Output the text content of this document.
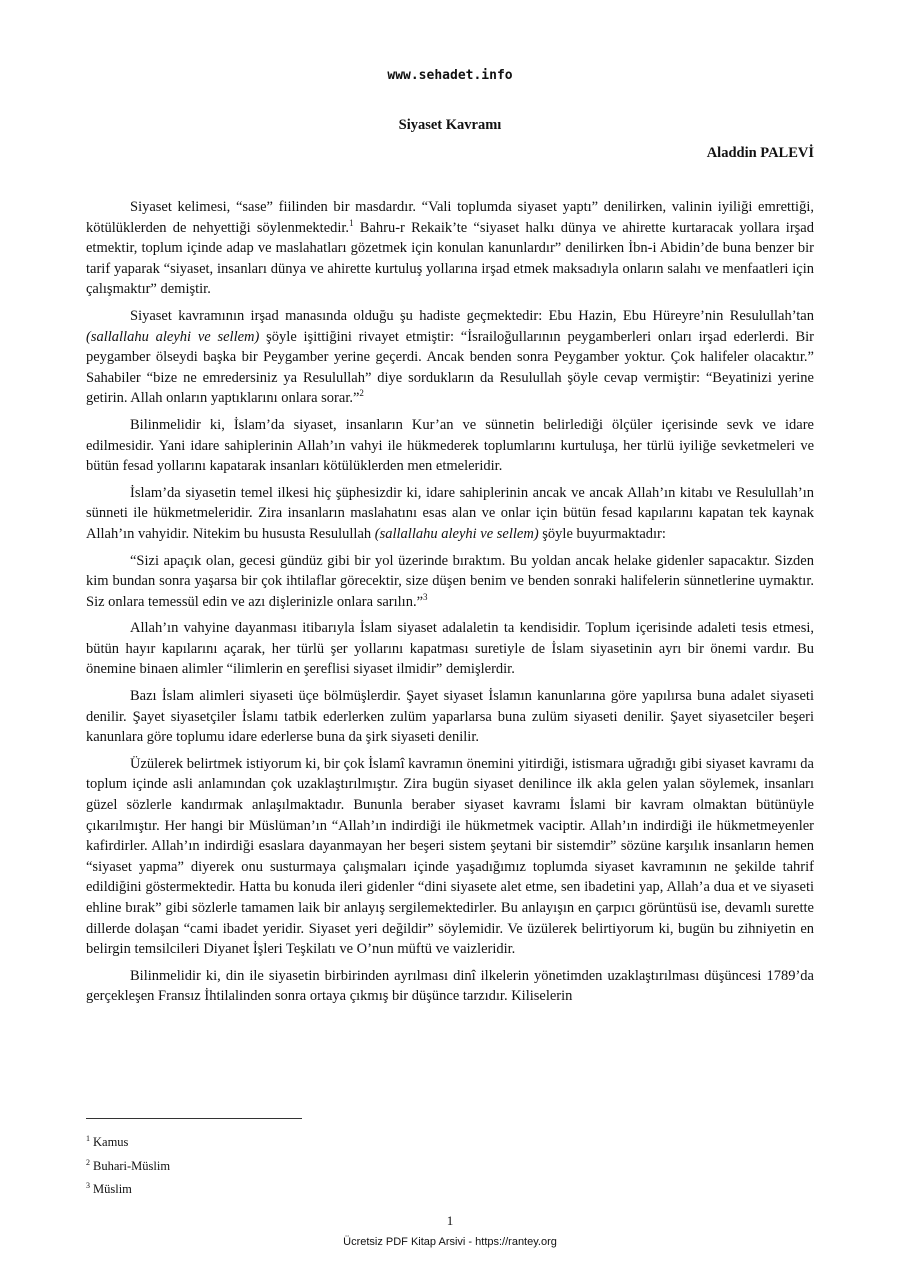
www.sehadet.info
Siyaset Kavramı
Aladdin PALEVİ

Siyaset kelimesi, “sase” fiilinden bir masdardır. “Vali toplumda siyaset yaptı” denilirken, valinin iyiliği emrettiği, kötülüklerden de nehyettiği söylenmektedir.$^1$ Bahru-r Rekaik’te “siyaset halkı dünya ve ahirette kurtaracak yollara irşad etmektir, toplum içinde adap ve maslahatları gözetmek için konulan kanunlardır” denilirken İbn-i Abidin’de buna benzer bir tarif yaparak “siyaset, insanları dünya ve ahirette kurtuluş yollarına irşad etmek maksadıyla onların salahı ve menfaatleri için çalışmaktır” demiştir.

Siyaset kavramının irşad manasında olduğu şu hadiste geçmektedir: Ebu Hazin, Ebu Hüreyre’nin Resulullah’tan (sallallahu aleyhi ve sellem) şöyle işittiğini rivayet etmiştir: “İsrailoğullarının peygamberleri onları irşad ederlerdi. Bir peygamber ölseydi başka bir Peygamber yerine geçerdi. Ancak benden sonra Peygamber yoktur. Çok halifeler olacaktır.” Sahabiler “bize ne emredersiniz ya Resulullah” diye sordukların da Resulullah şöyle cevap vermiştir: “Beyatinizi yerine getirin. Allah onların yaptıklarını onlara sorar.”$^2$

Bilinmelidir ki, İslam’da siyaset, insanların Kur’an ve sünnetin belirlediği ölçüler içerisinde sevk ve idare edilmesidir. Yani idare sahiplerinin Allah’ın vahyi ile hükmederek toplumlarını kurtuluşa, her türlü iyiliğe sevketmeleri ve bütün fesad yollarını kapatarak insanları kötülüklerden men etmeleridir.

İslam’da siyasetin temel ilkesi hiç şüphesizdir ki, idare sahiplerinin ancak ve ancak Allah’ın kitabı ve Resulullah’ın sünneti ile hükmetmeleridir. Zira insanların maslahatını esas alan ve onlar için bütün fesad kapılarını kapatan tek kaynak Allah’ın vahyidir. Nitekim bu hususta Resulullah (sallallahu aleyhi ve sellem) şöyle buyurmaktadır:

“Sizi apaçık olan, gecesi gündüz gibi bir yol üzerinde bıraktım. Bu yoldan ancak helake gidenler sapacaktır. Sizden kim bundan sonra yaşarsa bir çok ihtilaflar görecektir, size düşen benim ve benden sonraki halifelerin sünnetlerine uymaktır. Siz onlara temessül edin ve azı dişlerinizle onlara sarılın.”$^3$

Allah’ın vahyine dayanması itibarıyla İslam siyaset adalaletin ta kendisidir. Toplum içerisinde adaleti tesis etmesi, bütün hayır kapılarını açarak, her türlü şer yollarını kapatması suretiyle de İslam siyasetinin ayrı bir önemi vardır. Bu önemine binaen alimler “ilimlerin en şereflisi siyaset ilmidir” demişlerdir.

Bazı İslam alimleri siyaseti üçe bölmüşlerdir. Şayet siyaset İslamın kanunlarına göre yapılırsa buna adalet siyaseti denilir. Şayet siyasetçiler İslamı tatbik ederlerken zulüm yaparlarsa buna zulüm siyaseti denilir. Şayet siyasetciler beşeri kanunlara göre toplumu idare ederlerse buna da şirk siyaseti denilir.

Üzülerek belirtmek istiyorum ki, bir çok İslamî kavramın önemini yitirdiği, istismara uğradığı gibi siyaset kavramı da toplum içinde asli anlamından çok uzaklaştırılmıştır. Zira bugün siyaset denilince ilk akla gelen yalan söylemek, insanları güzel sözlerle kandırmak anlaşılmaktadır. Bununla beraber siyaset kavramı İslami bir kavram olmaktan bütünüyle çıkarılmıştır. Her hangi bir Müslüman’ın “Allah’ın indirdiği ile hükmetmek vaciptir. Allah’ın indirdiği ile hükmetmeyenler kafirdirler. Allah’ın indirdiği esaslara dayanmayan her beşeri sistem şeytani bir sistemdir” sözüne karşılık insanların hemen “siyaset yapma” diyerek onu susturmaya çalışmaları içinde yaşadığımız toplumda siyaset kavramının ne şekilde tahrif edildiğini göstermektedir. Hatta bu konuda ileri gidenler “dini siyasete alet etme, sen ibadetini yap, Allah’a dua et ve siyaseti ehline bırak” gibi sözlerle tamamen laik bir anlayış sergilemektedirler. Bu anlayışın en çarpıcı görüntüsü ise, devamlı surette dillerde dolaşan “cami ibadet yeridir. Siyaset yeri değildir” söylemidir. Ve üzülerek belirtiyorum ki, bugün bu zihniyetin en belirgin temsilcileri Diyanet İşleri Teşkilatı ve O’nun müftü ve vaizleridir.

Bilinmelidir ki, din ile siyasetin birbirinden ayrılması dinî ilkelerin yönetimden uzaklaştırılması düşüncesi 1789’da gerçekleşen Fransız İhtilalinden sonra ortaya çıkmış bir düşünce tarzıdır. Kiliselerin

$^1$ Kamus
$^2$ Buhari-Müslim
$^3$ Müslim
1
Ücretsiz PDF Kitap Arsivi - https://rantey.org
